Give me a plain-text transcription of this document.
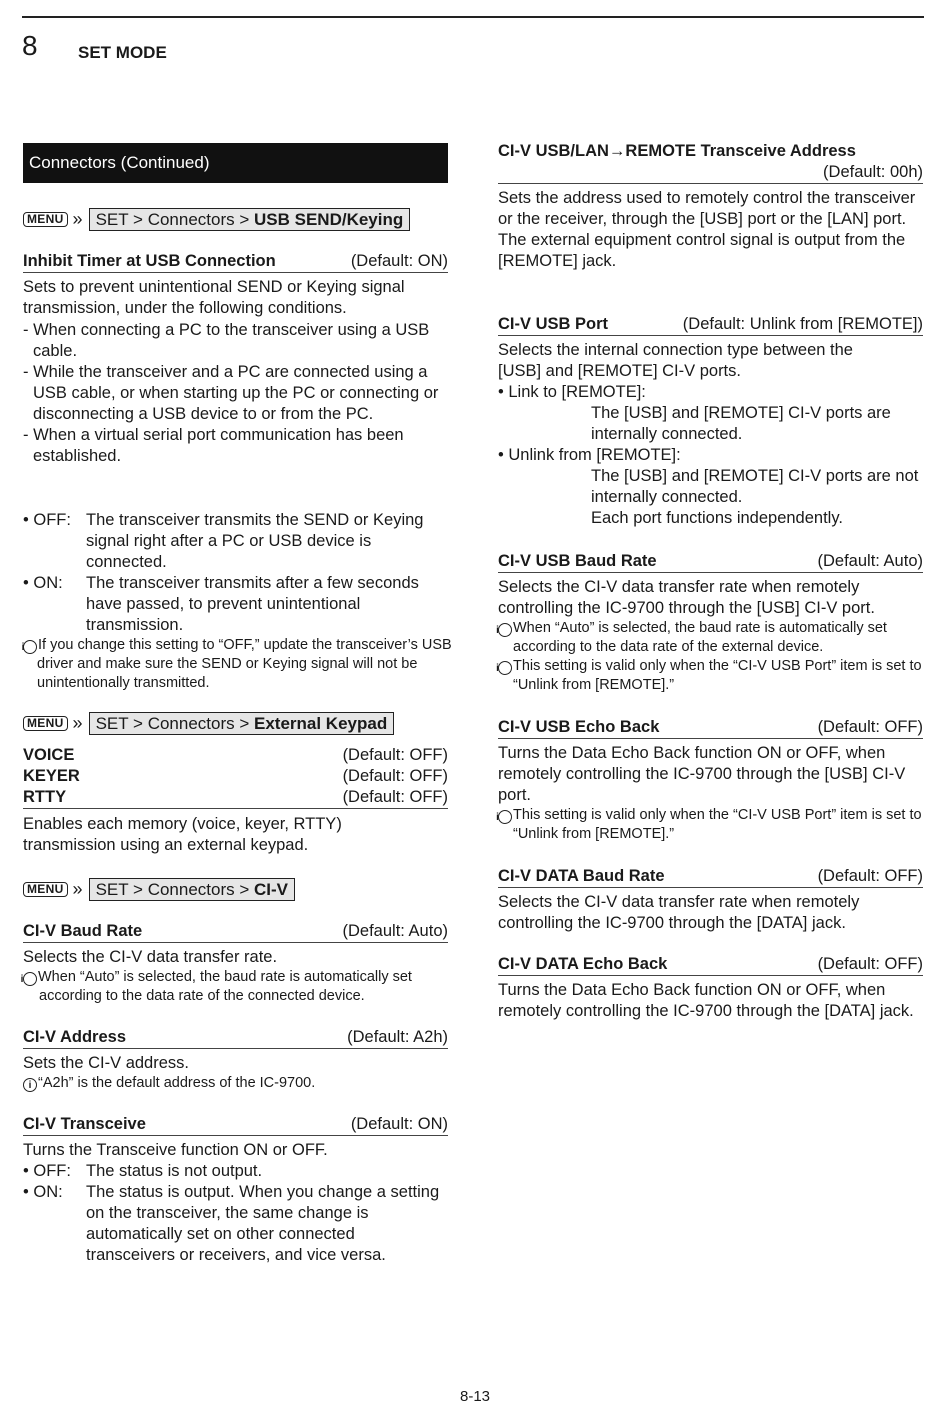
8 SET MODE
Connectors (Continued)
MENU » SET > Connectors > USB SEND/Keying
Inhibit Timer at USB Connection	(Default: ON)
Sets to prevent unintentional SEND or Keying signal
transmission, under the following conditions.
- When connecting a PC to the transceiver using a USB cable.
- While the transceiver and a PC are connected using a USB cable, or when starting up the PC or connecting or disconnecting a USB device to or from the PC.
- When a virtual serial port communication has been established.
• OFF: The transceiver transmits the SEND or Keying signal right after a PC or USB device is connected.
• ON:	The transceiver transmits after a few seconds have passed, to prevent unintentional transmission.
i If you change this setting to “OFF,” update the transceiver’s USB driver and make sure the SEND or Keying signal will not be unintentionally transmitted.
MENU » SET > Connectors > External Keypad
VOICE	(Default: OFF)
KEYER	(Default: OFF)
RTTY	(Default: OFF)
Enables each memory (voice, keyer, RTTY) transmission using an external keypad.
MENU » SET > Connectors > CI-V
CI-V Baud Rate	(Default: Auto)
Selects the CI-V data transfer rate.
i When “Auto” is selected, the baud rate is automatically set according to the data rate of the connected device.
CI-V Address	(Default: A2h)
Sets the CI-V address.
i “A2h” is the default address of the IC-9700.
CI-V Transceive	(Default: ON)
Turns the Transceive function ON or OFF.
• OFF: The status is not output.
• ON:	The status is output. When you change a setting on the transceiver, the same change is automatically set on other connected transceivers or receivers, and vice versa.
CI-V USB/LAN→REMOTE Transceive Address
(Default: 00h)
Sets the address used to remotely control the transceiver or the receiver, through the [USB] port or the [LAN] port.
The external equipment control signal is output from the [REMOTE] jack.
CI-V USB Port	(Default: Unlink from [REMOTE])
Selects the internal connection type between the [USB] and [REMOTE] CI-V ports.
• Link to [REMOTE]:
The [USB] and [REMOTE] CI-V ports are internally connected.
• Unlink from [REMOTE]:
The [USB] and [REMOTE] CI-V ports are not internally connected.
Each port functions independently.
CI-V USB Baud Rate	(Default: Auto)
Selects the CI-V data transfer rate when remotely controlling the IC-9700 through the [USB] CI-V port.
i When “Auto” is selected, the baud rate is automatically set according to the data rate of the external device.
i This setting is valid only when the “CI-V USB Port” item is set to “Unlink from [REMOTE].”
CI-V USB Echo Back	(Default: OFF)
Turns the Data Echo Back function ON or OFF, when remotely controlling the IC-9700 through the [USB] CI-V port.
i This setting is valid only when the “CI-V USB Port” item is set to “Unlink from [REMOTE].”
CI-V DATA Baud Rate	(Default: OFF)
Selects the CI-V data transfer rate when remotely controlling the IC-9700 through the [DATA] jack.
CI-V DATA Echo Back	(Default: OFF)
Turns the Data Echo Back function ON or OFF, when remotely controlling the IC-9700 through the [DATA] jack.
8-13
